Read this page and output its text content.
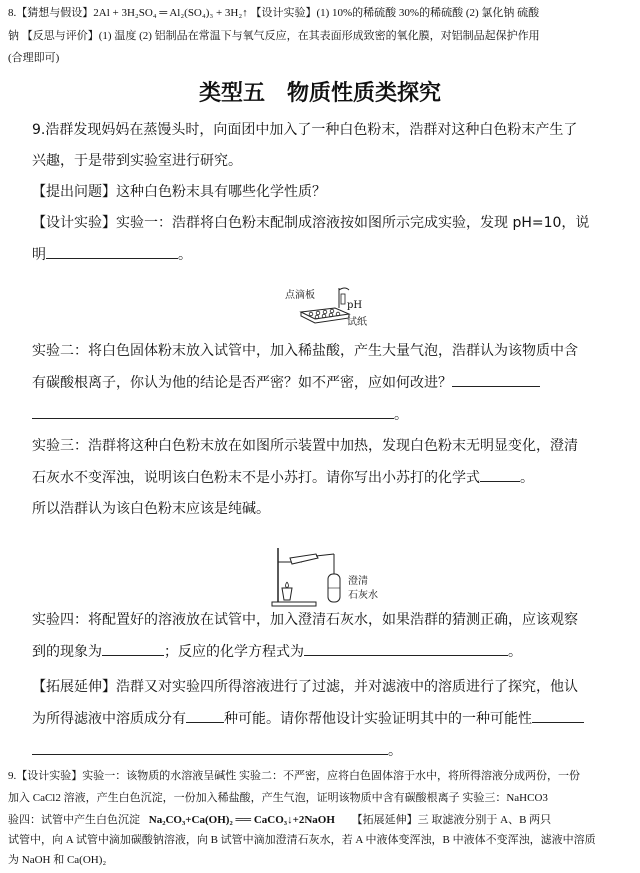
8.【猜想与假设】2Al + 3H₂SO₄ ═ Al₂(SO₄)₃ + 3H₂↑ 【设计实验】(1) 10%的稀硫酸 30%的稀硫酸 (2) 氯化钠 硫酸
钠 【反思与评价】(1) 温度 (2) 铝制品在常温下与氧气反应，在其表面形成致密的氧化膜，对铝制品起保护作用
(合理即可)
类型五　物质性质类探究
9.浩群发现妈妈在蒸馒头时，向面团中加入了一种白色粉末，浩群对这种白色粉末产生了
兴趣，于是带到实验室进行研究。
【提出问题】这种白色粉末具有哪些化学性质？
【设计实验】实验一：浩群将白色粉末配制成溶液按如图所示完成实验，发现 pH=10，说
明	。
点滴板
pH
试纸
实验二：将白色固体粉末放入试管中，加入稀盐酸，产生大量气泡，浩群认为该物质中含
有碳酸根离子，你认为他的结论是否严密？如不严密，应如何改进？
。
实验三：浩群将这种白色粉末放在如图所示装置中加热，发现白色粉末无明显变化，澄清
石灰水不变浑浊，说明该白色粉末不是小苏打。请你写出小苏打的化学式	。
所以浩群认为该白色粉末应该是纯碱。
澄清
石灰水
实验四：将配置好的溶液放在试管中，加入澄清石灰水，如果浩群的猜测正确，应该观察
到的现象为	；反应的化学方程式为	。
【拓展延伸】浩群又对实验四所得溶液进行了过滤，并对滤液中的溶质进行了探究，他认
为所得滤液中溶质成分有	种可能。请你帮他设计实验证明其中的一种可能性
。
9.【设计实验】实验一：该物质的水溶液呈碱性 实验二：不严密，应将白色固体溶于水中，将所得溶液分成两份，一份
加入 CaCl2 溶液，产生白色沉淀，一份加入稀盐酸，产生气泡，证明该物质中含有碳酸根离子 实验三：NaHCO3
验四：试管中产生白色沉淀 Na₂CO₃+Ca(OH)₂ ══ CaCO₃↓+2NaOH 【拓展延伸】三 取滤液分别于 A、B 两只
试管中，向 A 试管中滴加碳酸钠溶液，向 B 试管中滴加澄清石灰水，若 A 中液体变浑浊，B 中液体不变浑浊，滤液中溶质
为 NaOH 和 Ca(OH)₂
